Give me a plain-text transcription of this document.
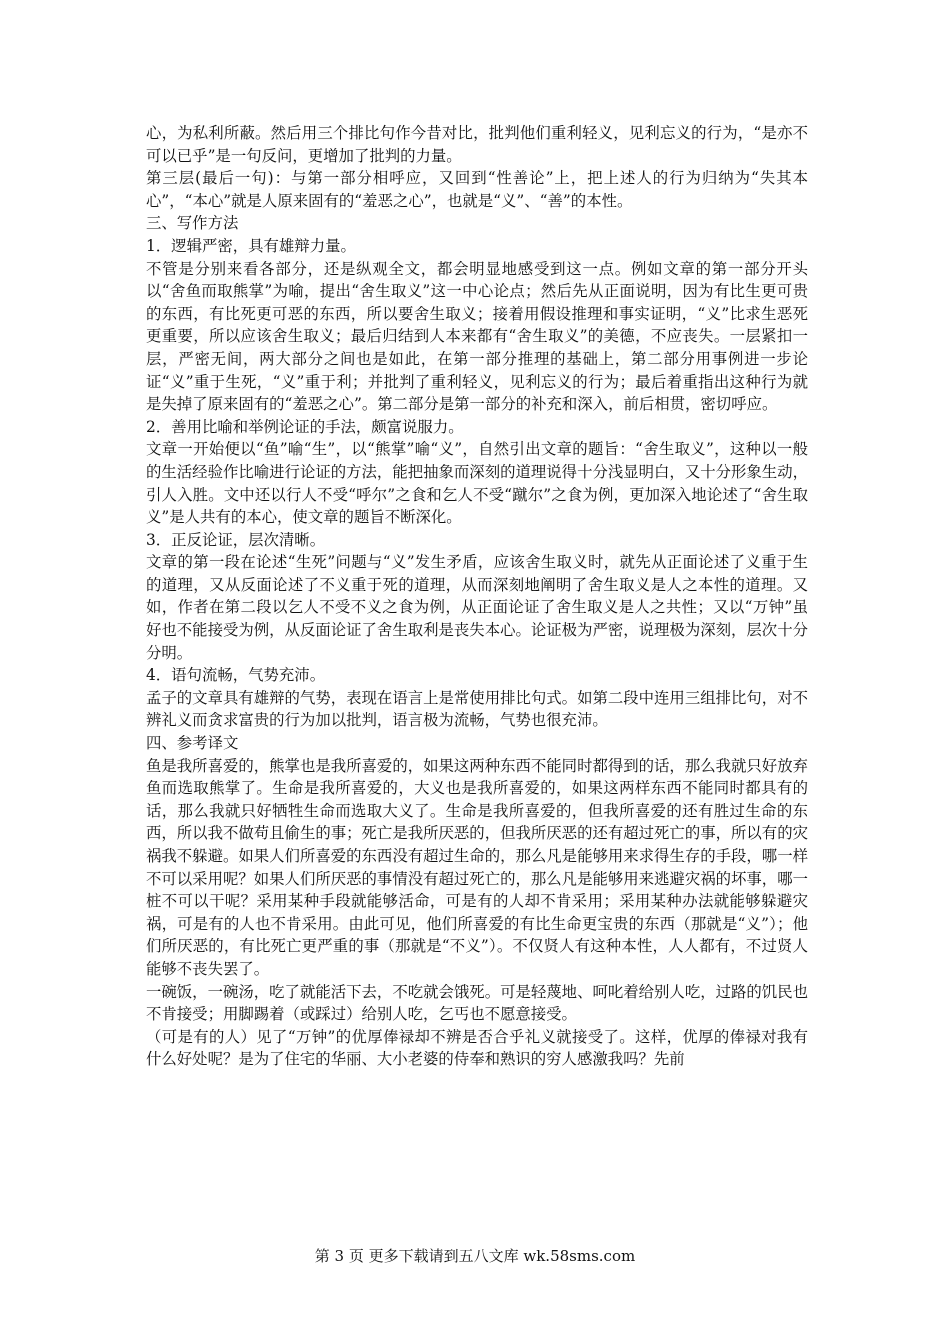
心，为私利所蔽。然后用三个排比句作今昔对比，批判他们重利轻义，见利忘义的行为，“是亦不可以已乎”是一句反问，更增加了批判的力量。

第三层(最后一句)：与第一部分相呼应，又回到“性善论”上，把上述人的行为归纳为“失其本心”，“本心”就是人原来固有的“羞恶之心”，也就是“义”、“善”的本性。

三、写作方法

1．逻辑严密，具有雄辩力量。

不管是分别来看各部分，还是纵观全文，都会明显地感受到这一点。例如文章的第一部分开头以“舍鱼而取熊掌”为喻，提出“舍生取义”这一中心论点；然后先从正面说明，因为有比生更可贵的东西，有比死更可恶的东西，所以要舍生取义；接着用假设推理和事实证明，“义”比求生恶死更重要，所以应该舍生取义；最后归结到人本来都有“舍生取义”的美德，不应丧失。一层紧扣一层，严密无间，两大部分之间也是如此，在第一部分推理的基础上，第二部分用事例进一步论证“义”重于生死，“义”重于利；并批判了重利轻义，见利忘义的行为；最后着重指出这种行为就是失掉了原来固有的“羞恶之心”。第二部分是第一部分的补充和深入，前后相贯，密切呼应。

2．善用比喻和举例论证的手法，颇富说服力。

文章一开始便以“鱼”喻“生”，以“熊掌”喻“义”，自然引出文章的题旨：“舍生取义”，这种以一般的生活经验作比喻进行论证的方法，能把抽象而深刻的道理说得十分浅显明白，又十分形象生动，引人入胜。文中还以行人不受“呼尔”之食和乞人不受“蹴尔”之食为例，更加深入地论述了“舍生取义”是人共有的本心，使文章的题旨不断深化。

3．正反论证，层次清晰。

文章的第一段在论述“生死”问题与“义”发生矛盾，应该舍生取义时，就先从正面论述了义重于生的道理，又从反面论述了不义重于死的道理，从而深刻地阐明了舍生取义是人之本性的道理。又如，作者在第二段以乞人不受不义之食为例，从正面论证了舍生取义是人之共性；又以“万钟”虽好也不能接受为例，从反面论证了舍生取利是丧失本心。论证极为严密，说理极为深刻，层次十分分明。

4．语句流畅，气势充沛。

孟子的文章具有雄辩的气势，表现在语言上是常使用排比句式。如第二段中连用三组排比句，对不辨礼义而贪求富贵的行为加以批判，语言极为流畅，气势也很充沛。

四、参考译文

鱼是我所喜爱的，熊掌也是我所喜爱的，如果这两种东西不能同时都得到的话，那么我就只好放弃鱼而选取熊掌了。生命是我所喜爱的，大义也是我所喜爱的，如果这两样东西不能同时都具有的话，那么我就只好牺牲生命而选取大义了。生命是我所喜爱的，但我所喜爱的还有胜过生命的东西，所以我不做苟且偷生的事；死亡是我所厌恶的，但我所厌恶的还有超过死亡的事，所以有的灾祸我不躲避。如果人们所喜爱的东西没有超过生命的，那么凡是能够用来求得生存的手段，哪一样不可以采用呢？如果人们所厌恶的事情没有超过死亡的，那么凡是能够用来逃避灾祸的坏事，哪一桩不可以干呢？采用某种手段就能够活命，可是有的人却不肯采用；采用某种办法就能够躲避灾祸，可是有的人也不肯采用。由此可见，他们所喜爱的有比生命更宝贵的东西（那就是“义”）；他们所厌恶的，有比死亡更严重的事（那就是“不义”）。不仅贤人有这种本性，人人都有，不过贤人能够不丧失罢了。

一碗饭，一碗汤，吃了就能活下去，不吃就会饿死。可是轻蔑地、呵叱着给别人吃，过路的饥民也不肯接受；用脚踢着（或踩过）给别人吃，乞丐也不愿意接受。

（可是有的人）见了“万钟”的优厚俸禄却不辨是否合乎礼义就接受了。这样，优厚的俸禄对我有什么好处呢？是为了住宅的华丽、大小老婆的侍奉和熟识的穷人感激我吗？先前

第 3 页 更多下载请到五八文库 wk.58sms.com
